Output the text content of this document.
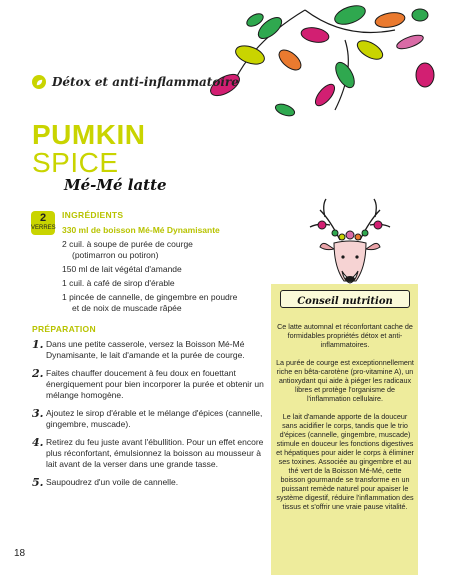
Détox et anti-inflammatoire
PUMKIN
SPICE
Mé-Mé latte
2
VERRES
INGRÉDIENTS
330 ml de boisson Mé-Mé Dynamisante
2 cuil. à soupe de purée de courge
(potimarron ou potiron)
150 ml de lait végétal d'amande
1 cuil. à café de sirop d'érable
1 pincée de cannelle, de gingembre en poudre
et de noix de muscade râpée
PRÉPARATION
1. Dans une petite casserole, versez la Boisson Mé-Mé Dynamisante, le lait d'amande et la purée de courge.
2. Faites chauffer doucement à feu doux en fouettant énergiquement pour bien incorporer la purée et obtenir un mélange homogène.
3. Ajoutez le sirop d'érable et le mélange d'épices (cannelle, gingembre, muscade).
4. Retirez du feu juste avant l'ébullition. Pour un effet encore plus réconfortant, émulsionnez la boisson au mousseur à lait avant de la verser dans une grande tasse.
5. Saupoudrez d'un voile de cannelle.
Conseil nutrition

Ce latte automnal et réconfortant cache de formidables propriétés détox et anti-inflammatoires.

La purée de courge est exceptionnellement riche en bêta-carotène (pro-vitamine A), un antioxydant qui aide à piéger les radicaux libres et protège l'organisme de l'inflammation cellulaire.

Le lait d'amande apporte de la douceur sans acidifier le corps, tandis que le trio d'épices (cannelle, gingembre, muscade) stimule en douceur les fonctions digestives et hépatiques pour aider le corps à éliminer ses toxines. Associée au gingembre et au thé vert de la Boisson Mé-Mé, cette boisson gourmande se transforme en un puissant remède naturel pour apaiser le système digestif, réduire l'inflammation des tissus et s'offrir une vraie pause vitalité.

18
